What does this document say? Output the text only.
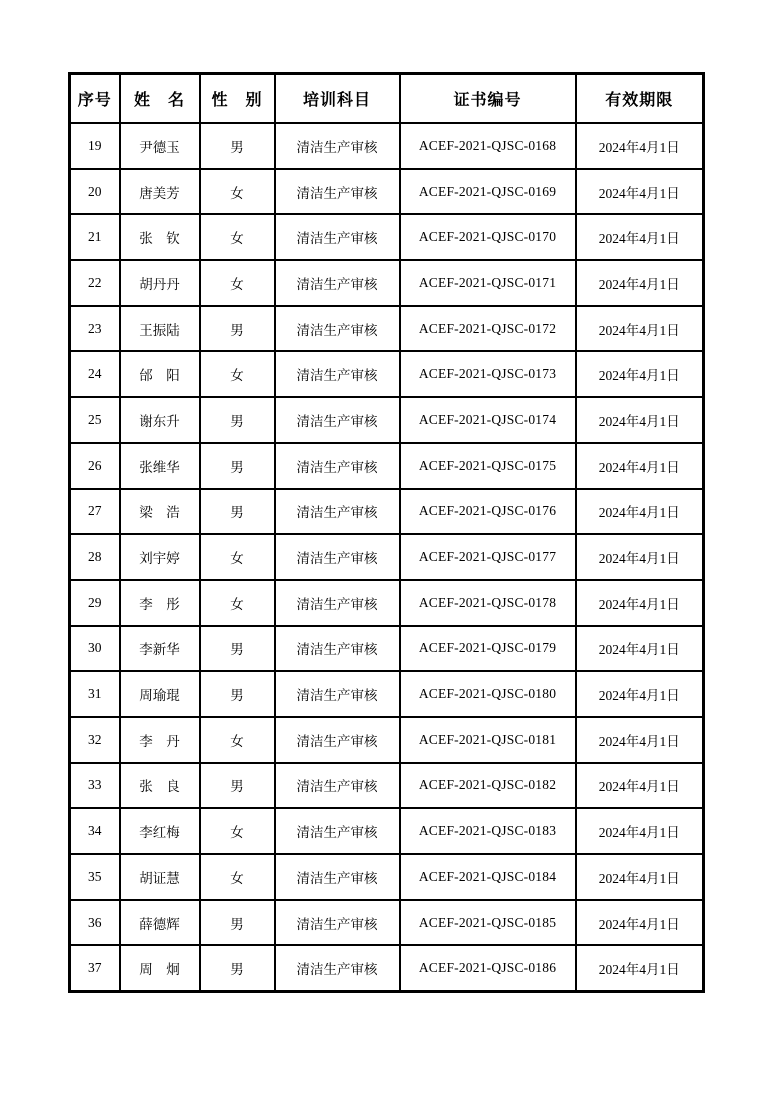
序号	姓　名	性　别	培训科目	证书编号	有效期限
19	尹德玉	男	清洁生产审核	ACEF-2021-QJSC-0168	2024年4月1日
20	唐美芳	女	清洁生产审核	ACEF-2021-QJSC-0169	2024年4月1日
21	张　钦	女	清洁生产审核	ACEF-2021-QJSC-0170	2024年4月1日
22	胡丹丹	女	清洁生产审核	ACEF-2021-QJSC-0171	2024年4月1日
23	王振陆	男	清洁生产审核	ACEF-2021-QJSC-0172	2024年4月1日
24	邰　阳	女	清洁生产审核	ACEF-2021-QJSC-0173	2024年4月1日
25	谢东升	男	清洁生产审核	ACEF-2021-QJSC-0174	2024年4月1日
26	张维华	男	清洁生产审核	ACEF-2021-QJSC-0175	2024年4月1日
27	梁　浩	男	清洁生产审核	ACEF-2021-QJSC-0176	2024年4月1日
28	刘宇婷	女	清洁生产审核	ACEF-2021-QJSC-0177	2024年4月1日
29	李　彤	女	清洁生产审核	ACEF-2021-QJSC-0178	2024年4月1日
30	李新华	男	清洁生产审核	ACEF-2021-QJSC-0179	2024年4月1日
31	周瑜琨	男	清洁生产审核	ACEF-2021-QJSC-0180	2024年4月1日
32	李　丹	女	清洁生产审核	ACEF-2021-QJSC-0181	2024年4月1日
33	张　良	男	清洁生产审核	ACEF-2021-QJSC-0182	2024年4月1日
34	李红梅	女	清洁生产审核	ACEF-2021-QJSC-0183	2024年4月1日
35	胡证慧	女	清洁生产审核	ACEF-2021-QJSC-0184	2024年4月1日
36	薛德辉	男	清洁生产审核	ACEF-2021-QJSC-0185	2024年4月1日
37	周　炯	男	清洁生产审核	ACEF-2021-QJSC-0186	2024年4月1日
